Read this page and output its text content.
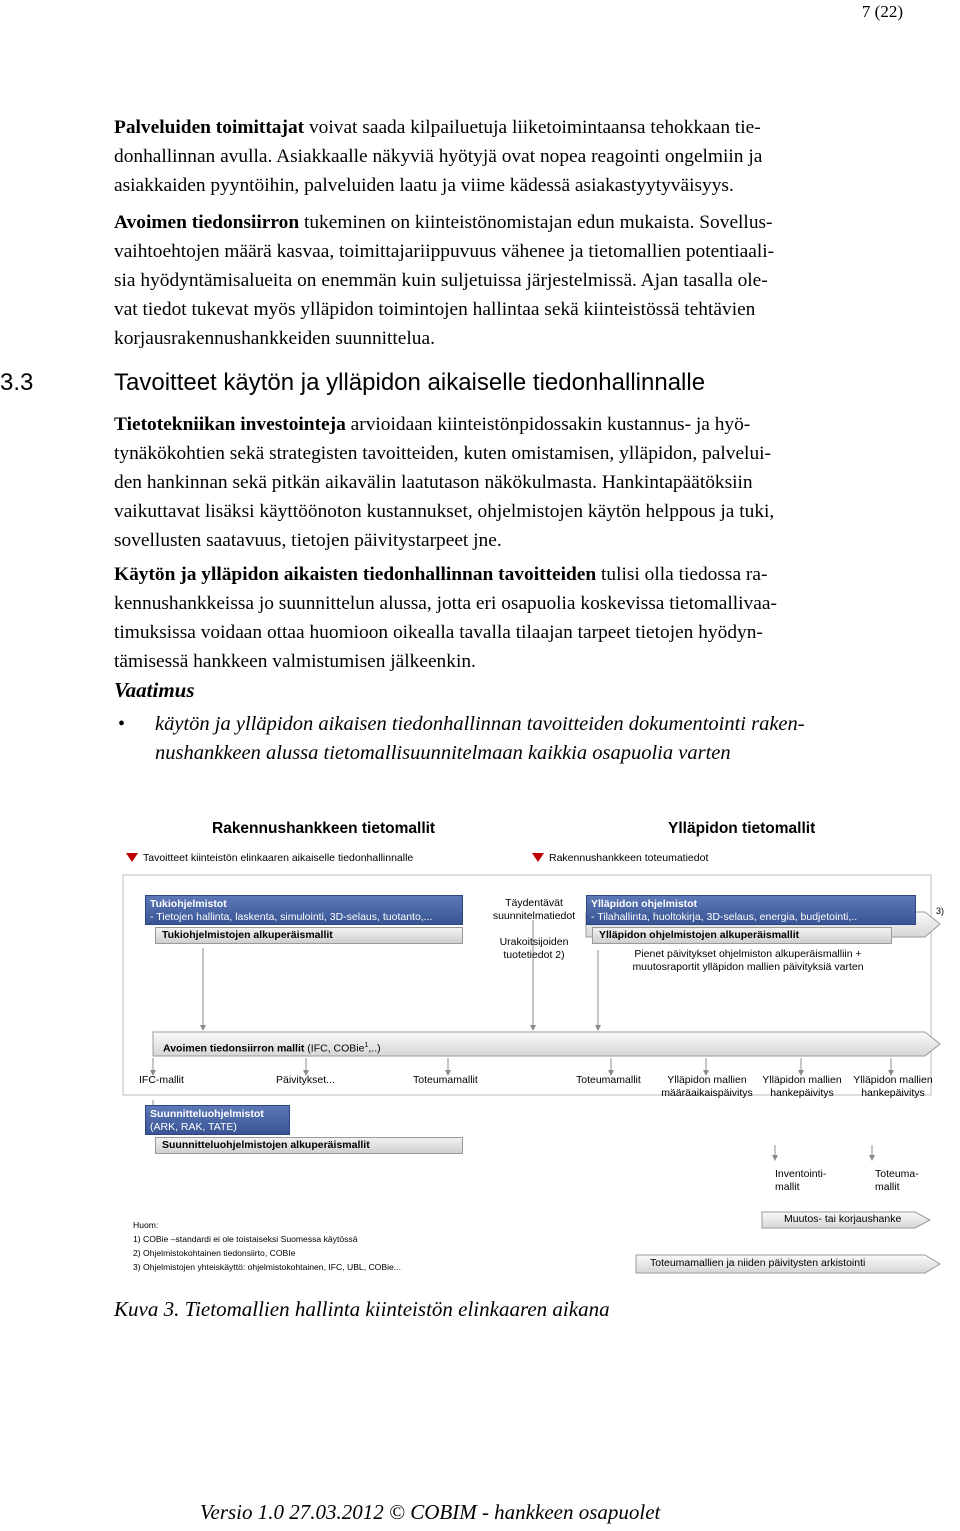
7 (22)
Palveluiden toimittajat voivat saada kilpailuetuja liiketoimintaansa tehokkaan tie-
donhallinnan avulla. Asiakkaalle näkyviä hyötyjä ovat nopea reagointi ongelmiin ja
asiakkaiden pyyntöihin, palveluiden laatu ja viime kädessä asiakastyytyväisyys.
Avoimen tiedonsiirron tukeminen on kiinteistönomistajan edun mukaista. Sovellus-
vaihtoehtojen määrä kasvaa, toimittajariippuvuus vähenee ja tietomallien potentiaali-
sia hyödyntämisalueita on enemmän kuin suljetuissa järjestelmissä. Ajan tasalla ole-
vat tiedot tukevat myös ylläpidon toimintojen hallintaa sekä kiinteistössä tehtävien
korjausrakennushankkeiden suunnittelua.
3.3	Tavoitteet käytön ja ylläpidon aikaiselle tiedonhallinnalle
Tietotekniikan investointeja arvioidaan kiinteistönpidossakin kustannus- ja hyö-
tynäkökohtien sekä strategisten tavoitteiden, kuten omistamisen, ylläpidon, palvelui-
den hankinnan sekä pitkän aikavälin laatutason näkökulmasta. Hankintapäätöksiin
vaikuttavat lisäksi käyttöönoton kustannukset, ohjelmistojen käytön helppous ja tuki,
sovellusten saatavuus, tietojen päivitystarpeet jne.
Käytön ja ylläpidon aikaisten tiedonhallinnan tavoitteiden tulisi olla tiedossa ra-
kennushankkeissa jo suunnittelun alussa, jotta eri osapuolia koskevissa tietomallivaa-
timuksissa voidaan ottaa huomioon oikealla tavalla tilaajan tarpeet tietojen hyödyn-
tämisessä hankkeen valmistumisen jälkeenkin.
Vaatimus
• käytön ja ylläpidon aikaisen tiedonhallinnan tavoitteiden dokumentointi raken-
nushankkeen alussa tietomallisuunnitelmaan kaikkia osapuolia varten
Rakennushankkeen tietomallit	Ylläpidon tietomallit
Tavoitteet kiinteistön elinkaaren aikaiselle tiedonhallinnalle	Rakennushankkeen toteumatiedot
Tukiohjelmistot
- Tietojen hallinta, laskenta, simulointi, 3D-selaus, tuotanto,...
Tukiohjelmistojen alkuperäismallit
Täydentävät
suunnitelmatiedot
Urakoitsijoiden
tuotetiedot 2)
Ylläpidon ohjelmistot
- Tilahallinta, huoltokirja, 3D-selaus, energia, budjetointi,..
Ylläpidon ohjelmistojen alkuperäismallit
3)
Pienet päivitykset ohjelmiston alkuperäismalliin +
muutosraportit ylläpidon mallien päivityksiä varten
Avoimen tiedonsiirron mallit (IFC, COBie$^1$,..)
IFC-mallit	Päivitykset...	Toteumamallit	Toteumamallit	Ylläpidon mallien
määräaikaispäivitys
Ylläpidon mallien
hankepäivitys
Ylläpidon mallien
hankepäivitys
Suunnitteluohjelmistot
(ARK, RAK, TATE)
Suunnitteluohjelmistojen alkuperäismallit
Inventointi-
mallit
Toteuma-
mallit
Muutos- tai korjaushanke
Toteumamallien ja niiden päivitysten arkistointi
Huom:
1) COBie –standardi ei ole toistaiseksi Suomessa käytössä
2) Ohjelmistokohtainen tiedonsiirto, COBIe
3) Ohjelmistojen yhteiskäyttö: ohjelmistokohtainen, IFC, UBL, COBie...
Kuva 3. Tietomallien hallinta kiinteistön elinkaaren aikana
Versio 1.0 27.03.2012 © COBIM - hankkeen osapuolet
